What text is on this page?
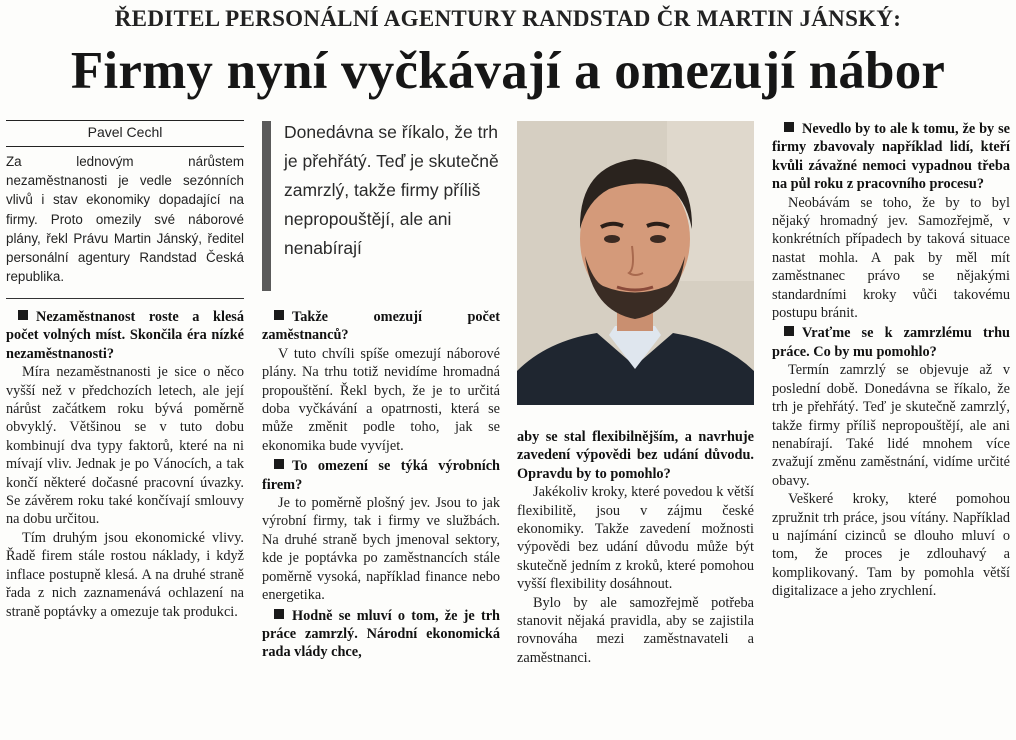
ŘEDITEL PERSONÁLNÍ AGENTURY RANDSTAD ČR MARTIN JÁNSKÝ:
Firmy nyní vyčkávají a omezují nábor
Pavel Cechl
Za lednovým nárůstem nezaměstnanosti je vedle sezónních vlivů i stav ekonomiky dopadající na firmy. Proto omezily své náborové plány, řekl Právu Martin Jánský, ředitel personální agentury Randstad Česká republika.
Donedávna se říkalo, že trh je přehřátý. Teď je skutečně zamrzlý, takže firmy příliš nepropouštějí, ale ani nenabírají

Nezaměstnanost roste a klesá počet volných míst. Skončila éra nízké nezaměstnanosti?

Míra nezaměstnanosti je sice o něco vyšší než v předchozích letech, ale její nárůst začátkem roku bývá poměrně obvyklý. Většinou se v tuto dobu kombinují dva typy faktorů, které na ni mívají vliv. Jednak je po Vánocích, a tak končí některé dočasné pracovní úvazky. Se závěrem roku také končívají smlouvy na dobu určitou.

Tím druhým jsou ekonomické vlivy. Řadě firem stále rostou náklady, i když inflace postupně klesá. A na druhé straně řada z nich zaznamenává ochlazení na straně poptávky a omezuje tak produkci.

Takže omezují počet zaměstnanců?

V tuto chvíli spíše omezují náborové plány. Na trhu totiž nevidíme hromadná propouštění. Řekl bych, že je to určitá doba vyčkávání a opatrnosti, která se může změnit podle toho, jak se ekonomika bude vyvíjet.

To omezení se týká výrobních firem?

Je to poměrně plošný jev. Jsou to jak výrobní firmy, tak i firmy ve službách. Na druhé straně bych jmenoval sektory, kde je poptávka po zaměstnancích stále poměrně vysoká, například finance nebo energetika.

Hodně se mluví o tom, že je trh práce zamrzlý. Národní ekonomická rada vlády chce,

aby se stal flexibilnějším, a navrhuje zavedení výpovědi bez udání důvodu. Opravdu by to pomohlo?

Jakékoliv kroky, které povedou k větší flexibilitě, jsou v zájmu české ekonomiky. Takže zavedení možnosti výpovědi bez udání důvodu může být skutečně jedním z kroků, které pomohou vyšší flexibility dosáhnout.

Bylo by ale samozřejmě potřeba stanovit nějaká pravidla, aby se zajistila rovnováha mezi zaměstnavateli a zaměstnanci.

Nevedlo by to ale k tomu, že by se firmy zbavovaly například lidí, kteří kvůli závažné nemoci vypadnou třeba na půl roku z pracovního procesu?

Neobávám se toho, že by to byl nějaký hromadný jev. Samozřejmě, v konkrétních případech by taková situace nastat mohla. A pak by měl mít zaměstnanec právo se nějakými standardními kroky vůči takovému postupu bránit.

Vraťme se k zamrzlému trhu práce. Co by mu pomohlo?

Termín zamrzlý se objevuje až v poslední době. Donedávna se říkalo, že trh je přehřátý. Teď je skutečně zamrzlý, takže firmy příliš nepropouštějí, ale ani nenabírají. Také lidé mnohem více zvažují změnu zaměstnání, vidíme určité obavy.

Veškeré kroky, které pomohou zpružnit trh práce, jsou vítány. Například u najímání cizinců se dlouho mluví o tom, že proces je zdlouhavý a komplikovaný. Tam by pomohla větší digitalizace a jeho zrychlení.
